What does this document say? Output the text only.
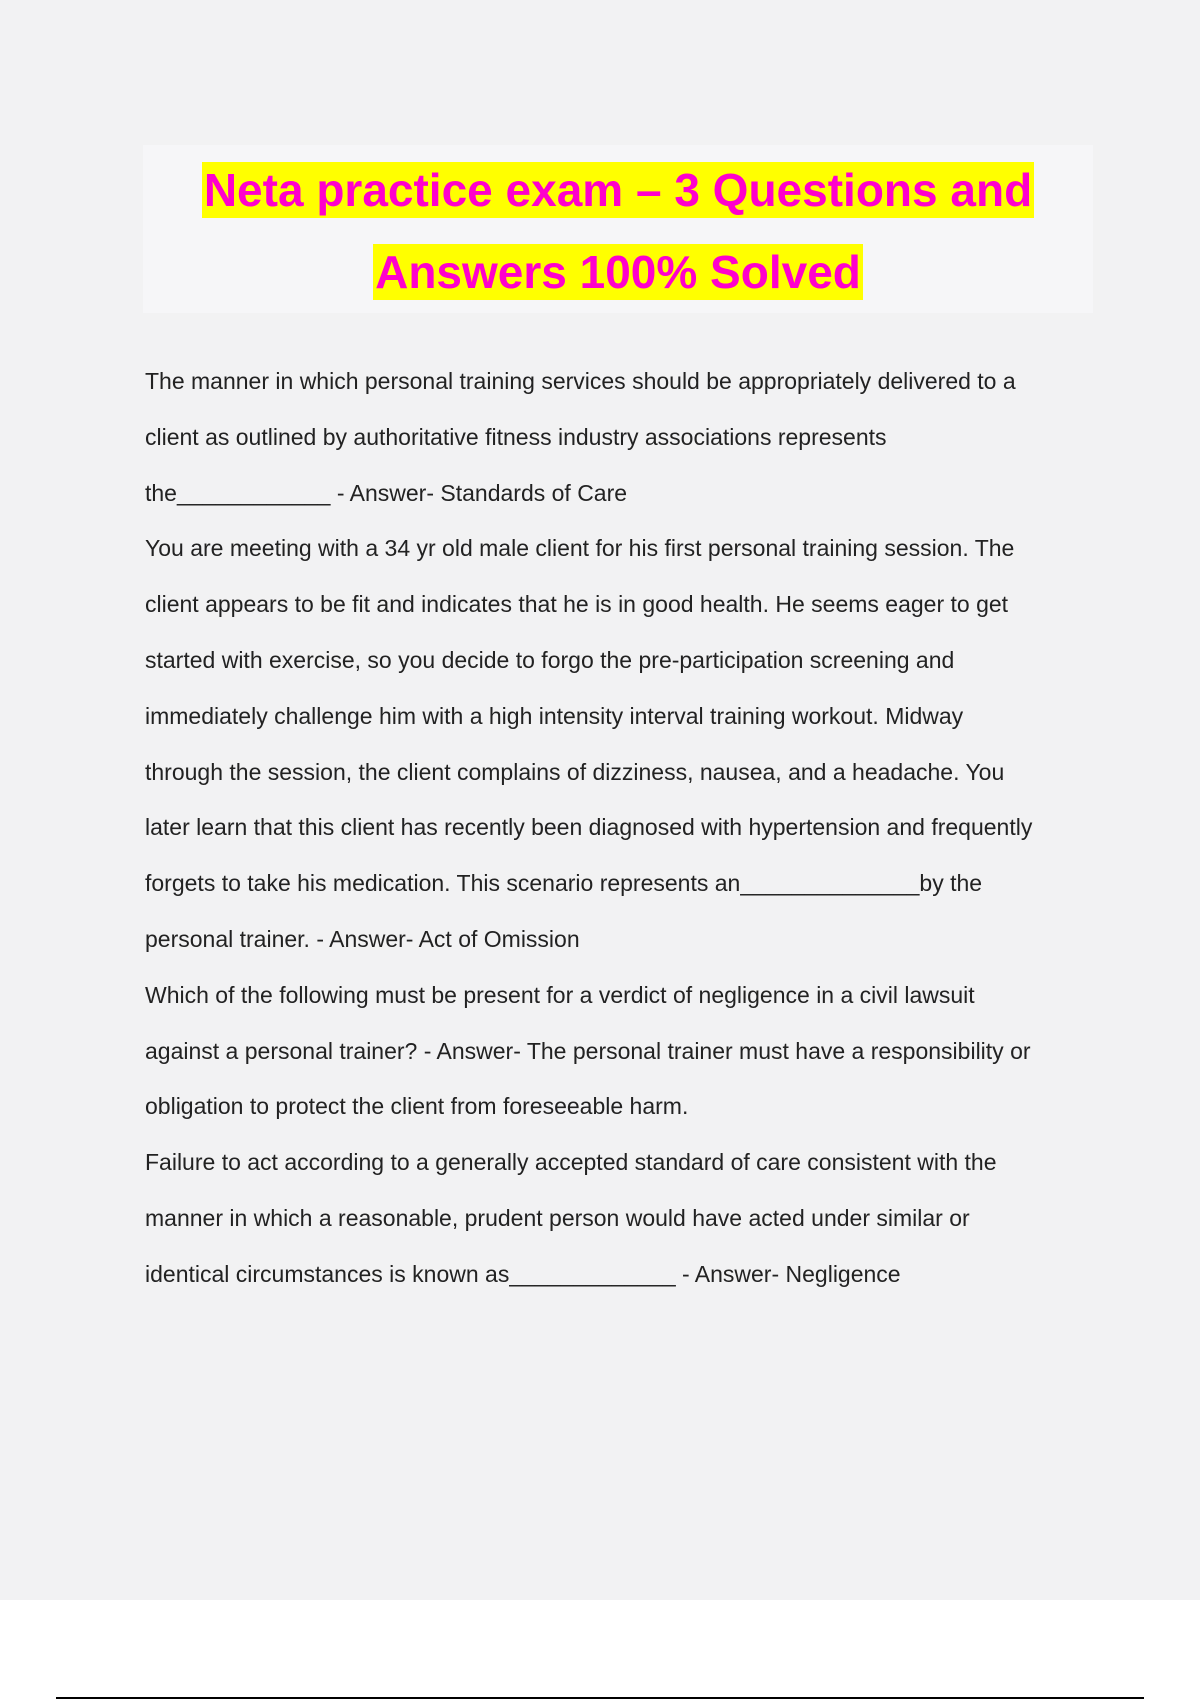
Neta practice exam – 3 Questions and
Answers 100% Solved
The manner in which personal training services should be appropriately delivered to a
client as outlined by authoritative fitness industry associations represents
the____________ - Answer- Standards of Care
You are meeting with a 34 yr old male client for his first personal training session. The
client appears to be fit and indicates that he is in good health. He seems eager to get
started with exercise, so you decide to forgo the pre-participation screening and
immediately challenge him with a high intensity interval training workout. Midway
through the session, the client complains of dizziness, nausea, and a headache. You
later learn that this client has recently been diagnosed with hypertension and frequently
forgets to take his medication. This scenario represents an______________by the
personal trainer. - Answer- Act of Omission
Which of the following must be present for a verdict of negligence in a civil lawsuit
against a personal trainer? - Answer- The personal trainer must have a responsibility or
obligation to protect the client from foreseeable harm.
Failure to act according to a generally accepted standard of care consistent with the
manner in which a reasonable, prudent person would have acted under similar or
identical circumstances is known as_____________ - Answer- Negligence
